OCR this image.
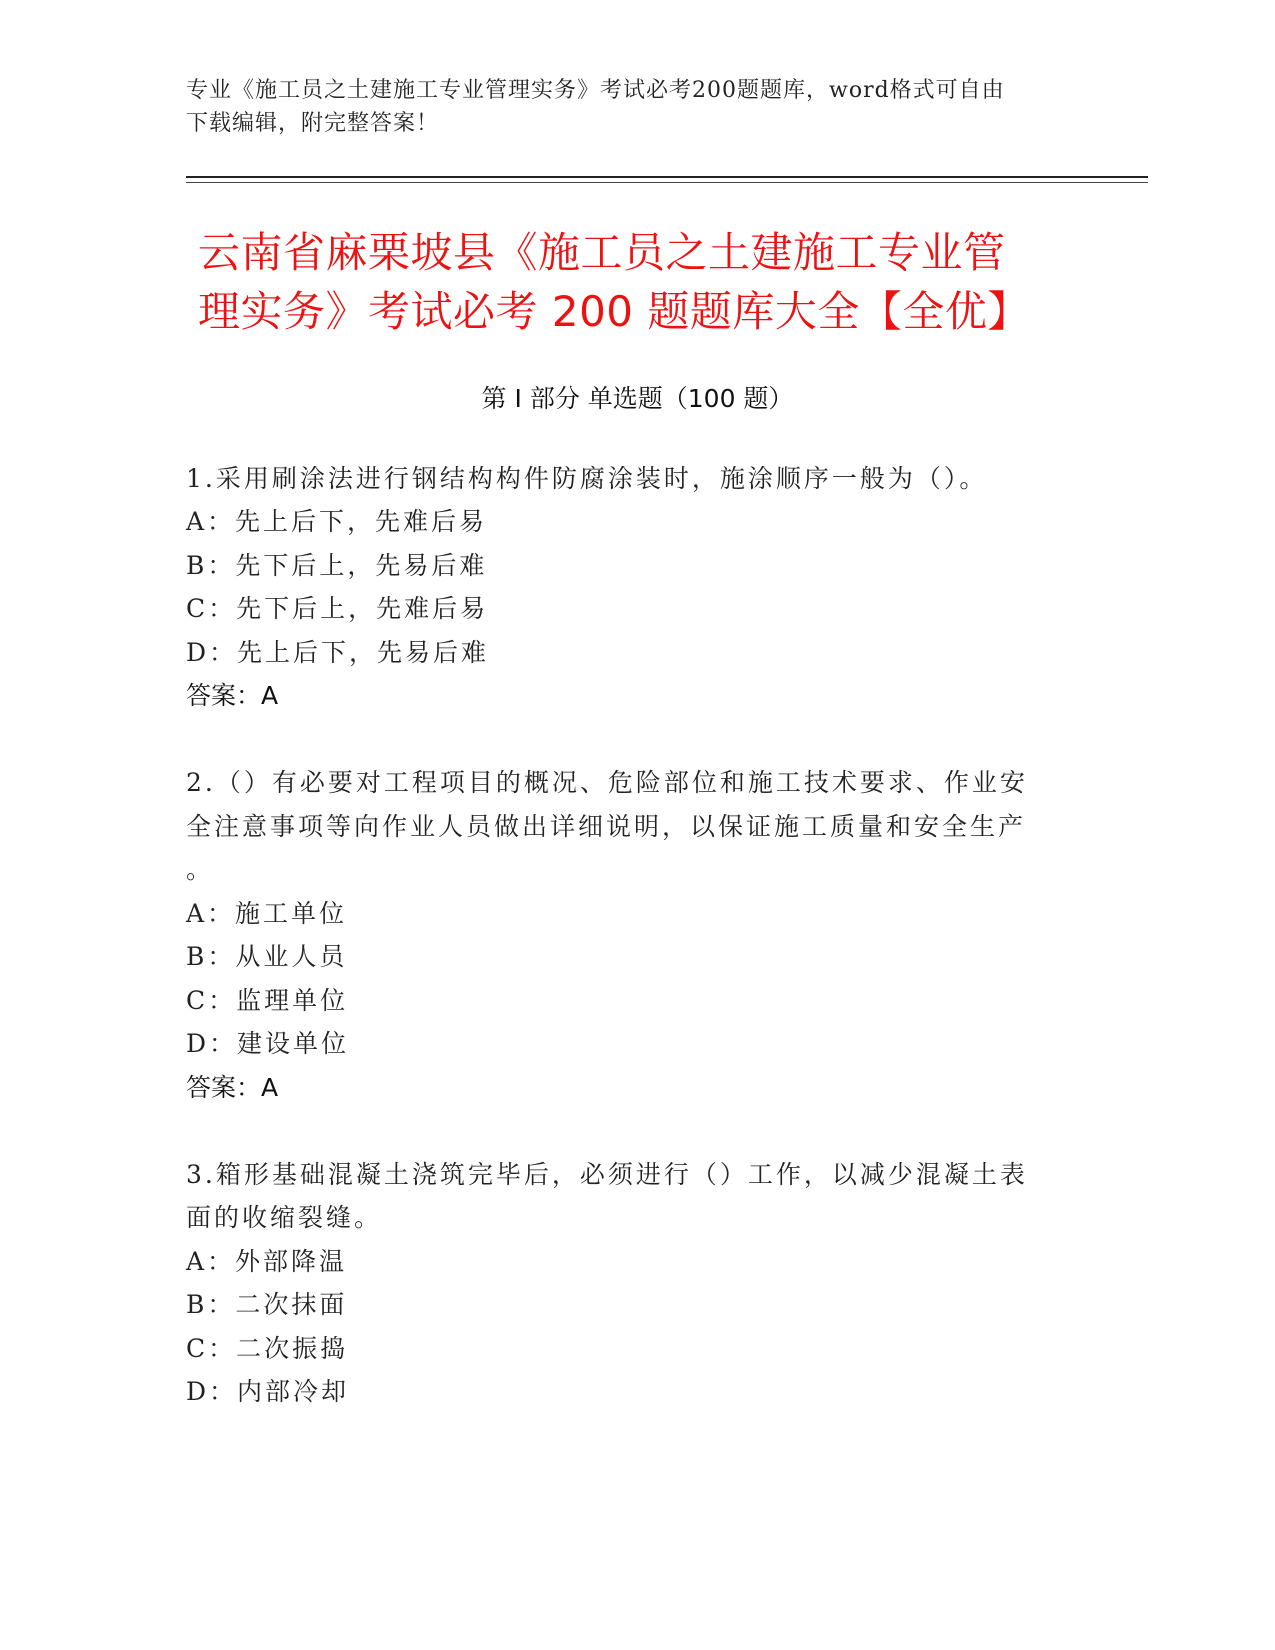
专业《施工员之土建施工专业管理实务》考试必考200题题库，word格式可自由
下载编辑，附完整答案！
云南省麻栗坡县《施工员之土建施工专业管
理实务》考试必考 200 题题库大全【全优】
第 I 部分 单选题（100 题）
1.采用刷涂法进行钢结构构件防腐涂装时，施涂顺序一般为（）。
A：先上后下，先难后易
B：先下后上，先易后难
C：先下后上，先难后易
D：先上后下，先易后难
答案：A
2.（）有必要对工程项目的概况、危险部位和施工技术要求、作业安
全注意事项等向作业人员做出详细说明，以保证施工质量和安全生产
。
A：施工单位
B：从业人员
C：监理单位
D：建设单位
答案：A
3.箱形基础混凝土浇筑完毕后，必须进行（）工作，以减少混凝土表
面的收缩裂缝。
A：外部降温
B：二次抹面
C：二次振捣
D：内部冷却
